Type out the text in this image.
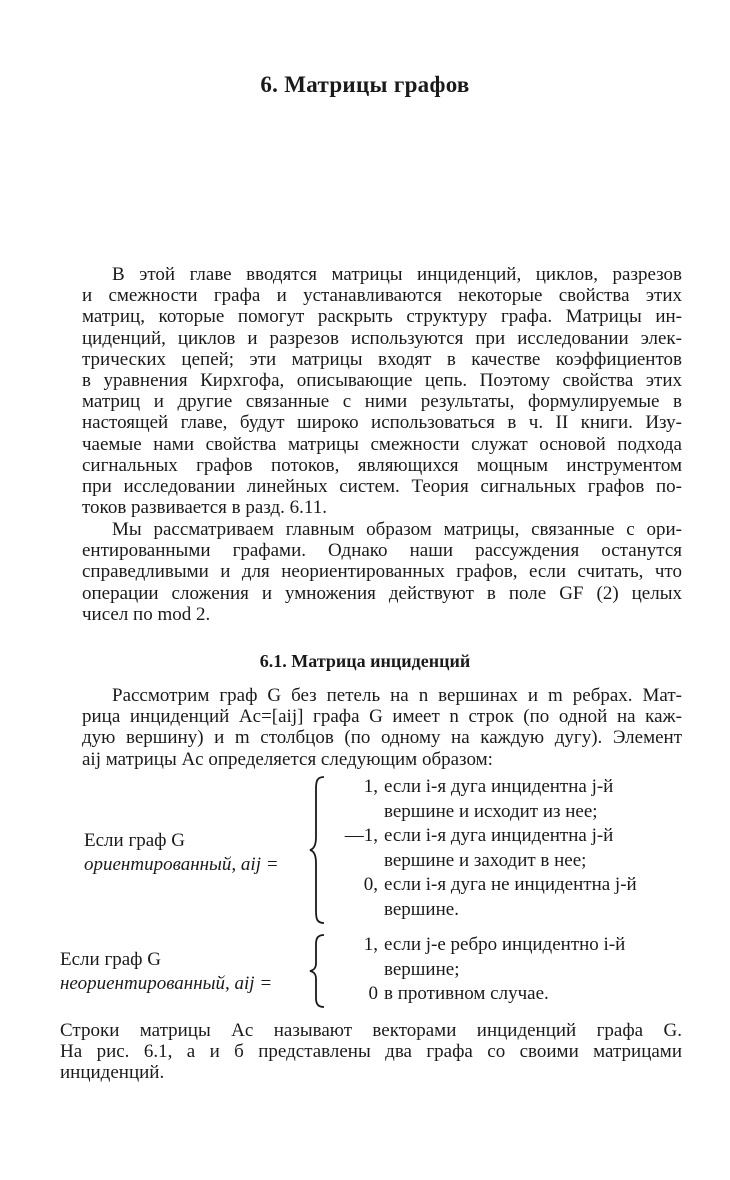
6. Матрицы графов

В этой главе вводятся матрицы инциденций, циклов, разрезов

и смежности графа и устанавливаются некоторые свойства этих

матриц, которые помогут раскрыть структуру графа. Матрицы ин-

циденций, циклов и разрезов используются при исследовании элек-

трических цепей; эти матрицы входят в качестве коэффициентов

в уравнения Кирхгофа, описывающие цепь. Поэтому свойства этих

матриц и другие связанные с ними результаты, формулируемые в

настоящей главе, будут широко использоваться в ч. II книги. Изу-

чаемые нами свойства матрицы смежности служат основой подхода

сигнальных графов потоков, являющихся мощным инструментом

при исследовании линейных систем. Теория сигнальных графов по-

токов развивается в разд. 6.11.

Мы рассматриваем главным образом матрицы, связанные с ори-

ентированными графами. Однако наши рассуждения останутся

справедливыми и для неориентированных графов, если считать, что

операции сложения и умножения действуют в поле GF (2) целых

чисел по mod 2.

6.1. Матрица инциденций

Рассмотрим граф G без петель на n вершинах и m ребрах. Мат-

рица инциденций Ac=[aij] графа G имеет n строк (по одной на каж-

дую вершину) и m столбцов (по одному на каждую дугу). Элемент

aij матрицы Ac определяется следующим образом:

Если граф G
ориентированный, aij =
1, если i-я дуга инцидентна j-й
вершине и исходит из нее;
—1, если i-я дуга инцидентна j-й
вершине и заходит в нее;
0, если i-я дуга не инцидентна j-й
вершине.
Если граф G
неориентированный, aij =
1, если j-е ребро инцидентно i-й
вершине;
0 в противном случае.

Строки матрицы Ac называют векторами инциденций графа G.

На рис. 6.1, а и б представлены два графа со своими матрицами

инциденций.
